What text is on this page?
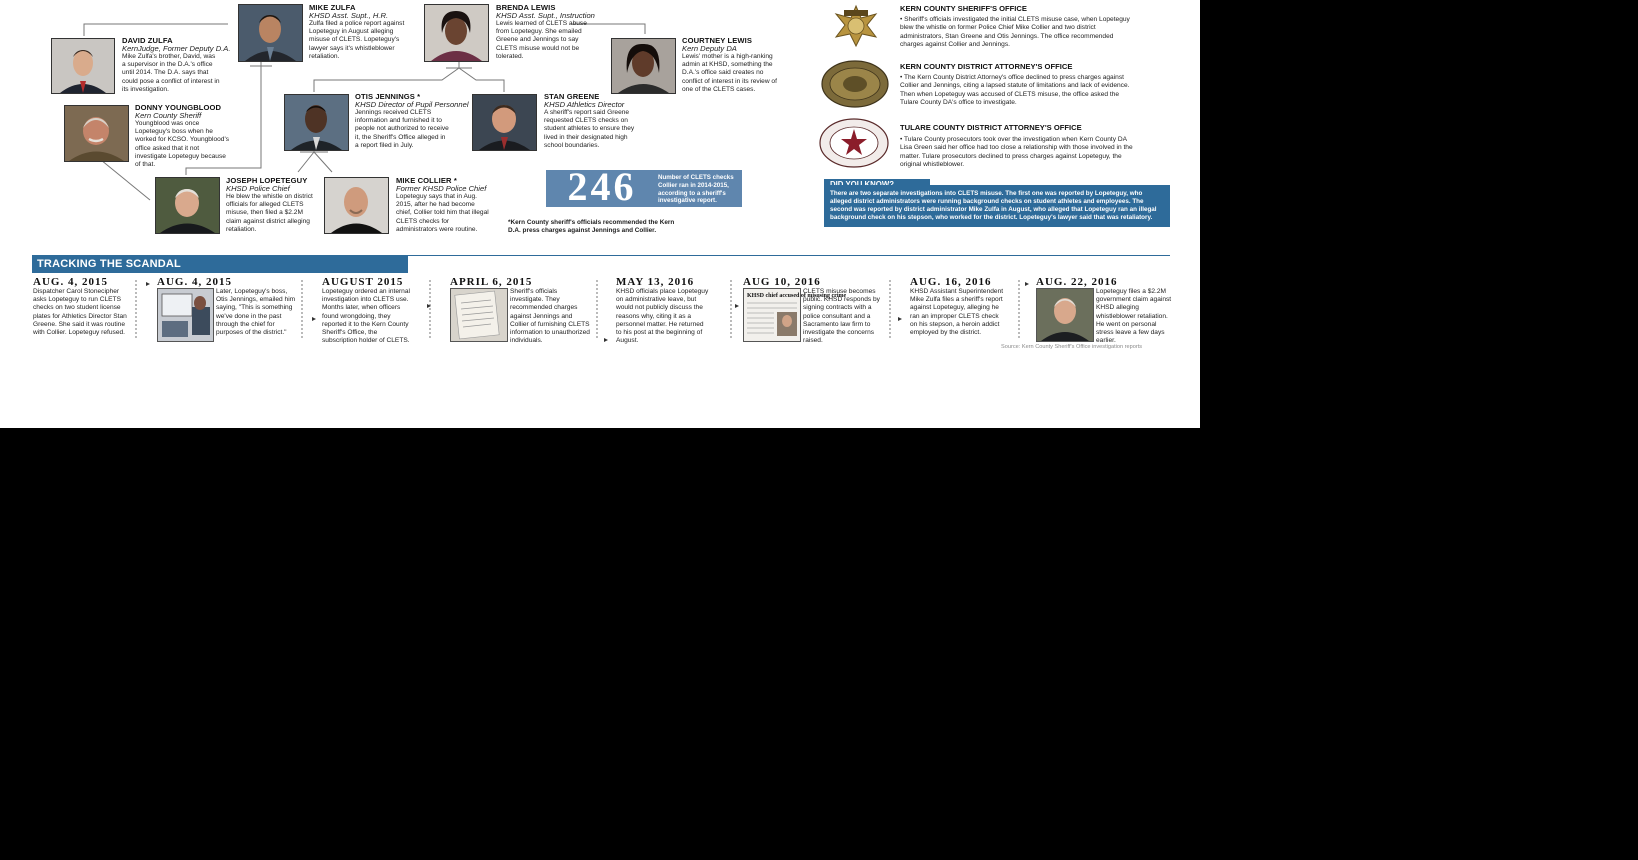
DAVID ZULFA
KernJudge, Former Deputy D.A.
Mike Zulfa's brother, David, was a supervisor in the D.A.'s office until 2014. The D.A. says that could pose a conflict of interest in its investigation.
MIKE ZULFA
KHSD Asst. Supt., H.R.
Zulfa filed a police report against Lopeteguy in August alleging misuse of CLETS. Lopeteguy's lawyer says it's whistleblower retaliation.
BRENDA LEWIS
KHSD Asst. Supt., Instruction
Lewis learned of CLETS abuse from Lopeteguy. She emailed Greene and Jennings to say CLETS misuse would not be tolerated.
COURTNEY LEWIS
Kern Deputy DA
Lewis' mother is a high-ranking admin at KHSD, something the D.A.'s office said creates no conflict of interest in its review of one of the CLETS cases.
DONNY YOUNGBLOOD
Kern County Sheriff
Youngblood was once Lopeteguy's boss when he worked for KCSO. Youngblood's office asked that it not investigate Lopeteguy because of that.
OTIS JENNINGS *
KHSD Director of Pupil Personnel
Jennings received CLETS information and furnished it to people not authorized to receive it, the Sheriff's Office alleged in a report filed in July.
STAN GREENE
KHSD Athletics Director
A sheriff's report said Greene requested CLETS checks on student athletes to ensure they lived in their designated high school boundaries.
JOSEPH LOPETEGUY
KHSD Police Chief
He blew the whistle on district officials for alleged CLETS misuse, then filed a $2.2M claim against district alleging retaliation.
MIKE COLLIER *
Former KHSD Police Chief
Lopeteguy says that in Aug. 2015, after he had become chief, Collier told him that illegal CLETS checks for administrators were routine.
246	Number of CLETS checks Collier ran in 2014-2015, according to a sheriff's investigative report.
*Kern County sheriff's officials recommended the Kern D.A. press charges against Jennings and Collier.
KERN COUNTY SHERIFF'S OFFICE
• Sheriff's officials investigated the initial CLETS misuse case, when Lopeteguy blew the whistle on former Police Chief Mike Collier and two district administrators, Stan Greene and Otis Jennings. The office recommended charges against Collier and Jennings.
KERN COUNTY DISTRICT ATTORNEY'S OFFICE
• The Kern County District Attorney's office declined to press charges against Collier and Jennings, citing a lapsed statute of limitations and lack of evidence. Then when Lopeteguy was accused of CLETS misuse, the office asked the Tulare County DA's office to investigate.
TULARE COUNTY DISTRICT ATTORNEY'S OFFICE
• Tulare County prosecutors took over the investigation when Kern County DA Lisa Green said her office had too close a relationship with those involved in the matter. Tulare prosecutors declined to press charges against Lopeteguy, the original whistleblower.
There are two separate investigations into CLETS misuse. The first one was reported by Lopeteguy, who alleged district administrators were running background checks on student athletes and employees. The second was reported by district administrator Mike Zulfa in August, who alleged that Lopeteguy ran an illegal background check on his stepson, who worked for the district. Lopeteguy's lawyer said that was retaliatory.
TRACKING THE SCANDAL
AUG. 4, 2015
Dispatcher Carol Stonecipher asks Lopeteguy to run CLETS checks on two student license plates for Athletics Director Stan Greene. She said it was routine with Collier. Lopeteguy refused.
AUG. 4, 2015
Later, Lopeteguy's boss, Otis Jennings, emailed him saying, "This is something we've done in the past through the chief for purposes of the district."
AUGUST 2015
Lopeteguy ordered an internal investigation into CLETS use. Months later, when officers found wrongdoing, they reported it to the Kern County Sheriff's Office, the subscription holder of CLETS.
APRIL 6, 2015
Sheriff's officials investigate. They recommended charges against Jennings and Collier of furnishing CLETS information to unauthorized individuals.
MAY 13, 2016
KHSD officials place Lopeteguy on administrative leave, but would not publicly discuss the reasons why, citing it as a personnel matter. He returned to his post at the beginning of August.
AUG 10, 2016
KHSD chief accused of misusing crime
CLETS misuse becomes public. KHSD responds by signing contracts with a police consultant and a Sacramento law firm to investigate the concerns raised.
AUG. 16, 2016
KHSD Assistant Superintendent Mike Zulfa files a sheriff's report against Lopeteguy, alleging he ran an improper CLETS check on his stepson, a heroin addict employed by the district.
AUG. 22, 2016
Lopeteguy files a $2.2M government claim against KHSD alleging whistleblower retaliation. He went on personal stress leave a few days earlier.
Source: Kern County Sheriff's Office investigation reports
